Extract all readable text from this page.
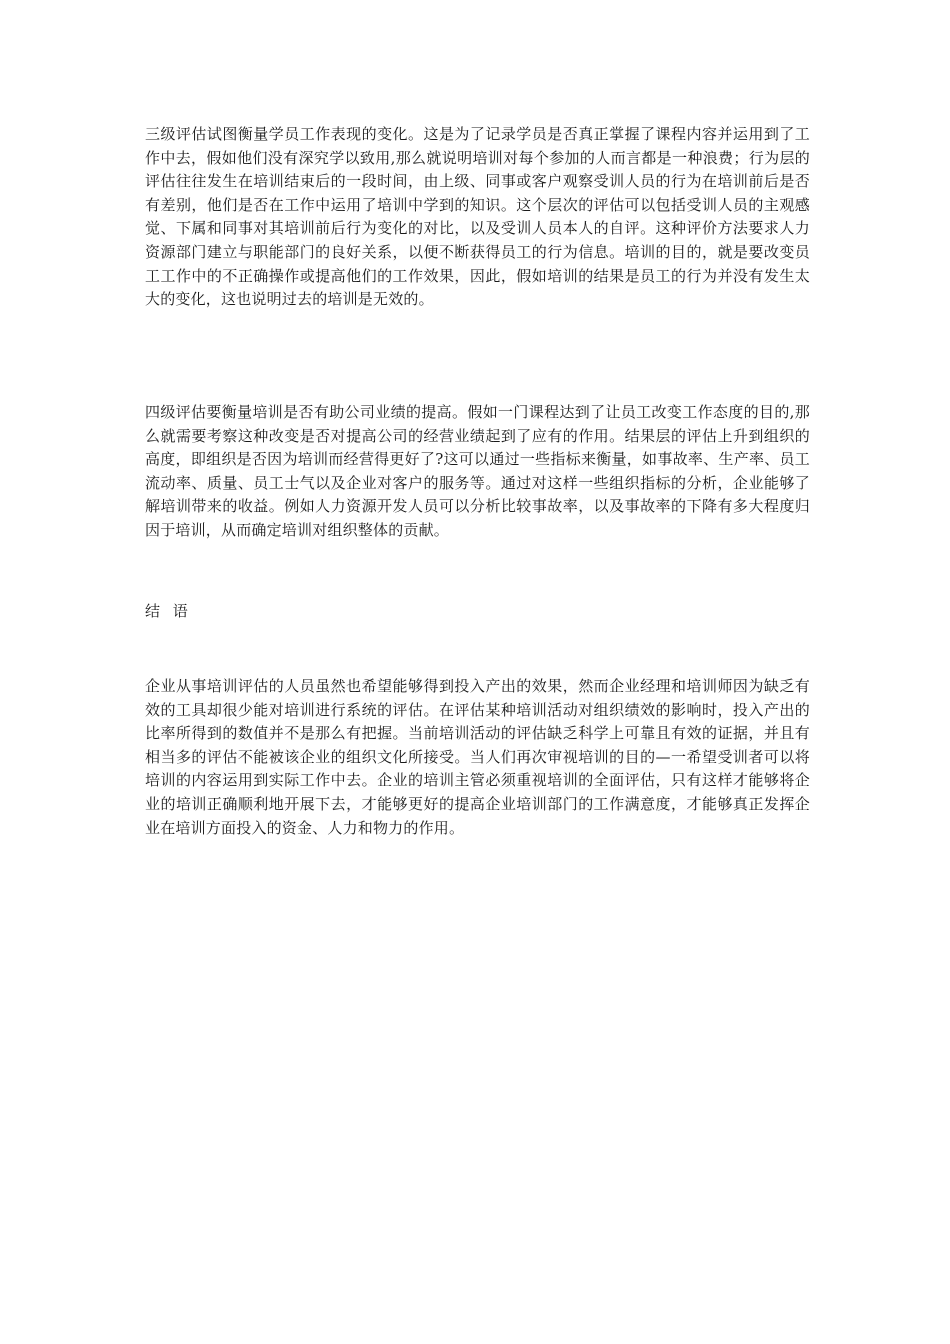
三级评估试图衡量学员工作表现的变化。这是为了记录学员是否真正掌握了课程内容并运用到了工作中去，假如他们没有深究学以致用,那么就说明培训对每个参加的人而言都是一种浪费；行为层的评估往往发生在培训结束后的一段时间，由上级、同事或客户观察受训人员的行为在培训前后是否有差别，他们是否在工作中运用了培训中学到的知识。这个层次的评估可以包括受训人员的主观感觉、下属和同事对其培训前后行为变化的对比，以及受训人员本人的自评。这种评价方法要求人力资源部门建立与职能部门的良好关系，以便不断获得员工的行为信息。培训的目的，就是要改变员工工作中的不正确操作或提高他们的工作效果，因此，假如培训的结果是员工的行为并没有发生太大的变化，这也说明过去的培训是无效的。

四级评估要衡量培训是否有助公司业绩的提高。假如一门课程达到了让员工改变工作态度的目的,那么就需要考察这种改变是否对提高公司的经营业绩起到了应有的作用。结果层的评估上升到组织的高度，即组织是否因为培训而经营得更好了?这可以通过一些指标来衡量，如事故率、生产率、员工流动率、质量、员工士气以及企业对客户的服务等。通过对这样一些组织指标的分析，企业能够了解培训带来的收益。例如人力资源开发人员可以分析比较事故率，以及事故率的下降有多大程度归因于培训，从而确定培训对组织整体的贡献。

结 语

企业从事培训评估的人员虽然也希望能够得到投入产出的效果，然而企业经理和培训师因为缺乏有效的工具却很少能对培训进行系统的评估。在评估某种培训活动对组织绩效的影响时，投入产出的比率所得到的数值并不是那么有把握。当前培训活动的评估缺乏科学上可靠且有效的证据，并且有相当多的评估不能被该企业的组织文化所接受。当人们再次审视培训的目的—一希望受训者可以将培训的内容运用到实际工作中去。企业的培训主管必须重视培训的全面评估，只有这样才能够将企业的培训正确顺利地开展下去，才能够更好的提高企业培训部门的工作满意度，才能够真正发挥企业在培训方面投入的资金、人力和物力的作用。
